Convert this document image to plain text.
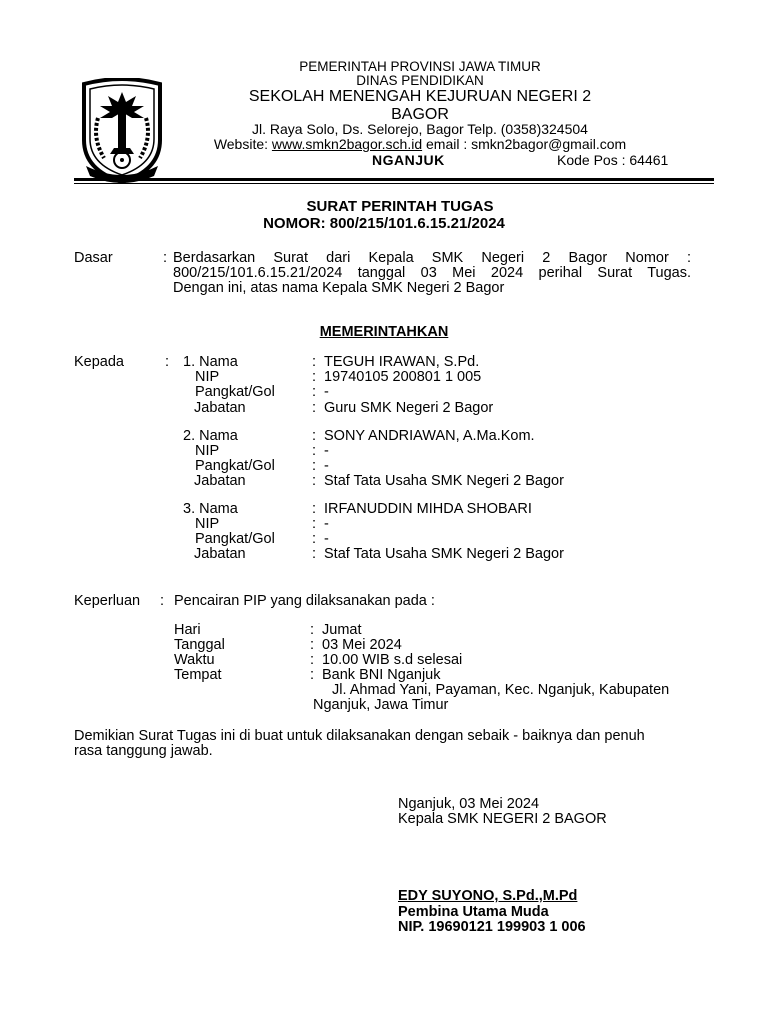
PEMERINTAH PROVINSI JAWA TIMUR
DINAS PENDIDIKAN
SEKOLAH MENENGAH KEJURUAN NEGERI 2
BAGOR
Jl. Raya Solo, Ds. Selorejo, Bagor Telp. (0358)324504
Website: www.smkn2bagor.sch.id email : smkn2bagor@gmail.com
NGANJUK	Kode Pos : 64461
SURAT PERINTAH TUGAS
NOMOR: 800/215/101.6.15.21/2024
Dasar	: Berdasarkan Surat dari Kepala SMK Negeri 2 Bagor Nomor :
800/215/101.6.15.21/2024 tanggal 03 Mei 2024 perihal Surat Tugas.
Dengan ini, atas nama Kepala SMK Negeri 2 Bagor
MEMERINTAHKAN
Kepada	: 1. Nama	: TEGUH IRAWAN, S.Pd.
NIP	: 19740105 200801 1 005
Pangkat/Gol	: -
Jabatan	: Guru SMK Negeri 2 Bagor
2. Nama	: SONY ANDRIAWAN, A.Ma.Kom.
NIP	: -
Pangkat/Gol	: -
Jabatan	: Staf Tata Usaha SMK Negeri 2 Bagor
3. Nama	: IRFANUDDIN MIHDA SHOBARI
NIP	: -
Pangkat/Gol	: -
Jabatan	: Staf Tata Usaha SMK Negeri 2 Bagor
Keperluan : Pencairan PIP yang dilaksanakan pada :
Hari	: Jumat
Tanggal	: 03 Mei 2024
Waktu	: 10.00 WIB s.d selesai
Tempat	: Bank BNI Nganjuk
Jl. Ahmad Yani, Payaman, Kec. Nganjuk, Kabupaten
Nganjuk, Jawa Timur
Demikian Surat Tugas ini di buat untuk dilaksanakan dengan sebaik - baiknya dan penuh
rasa tanggung jawab.
Nganjuk, 03 Mei 2024
Kepala SMK NEGERI 2 BAGOR
EDY SUYONO, S.Pd.,M.Pd
Pembina Utama Muda
NIP. 19690121 199903 1 006
